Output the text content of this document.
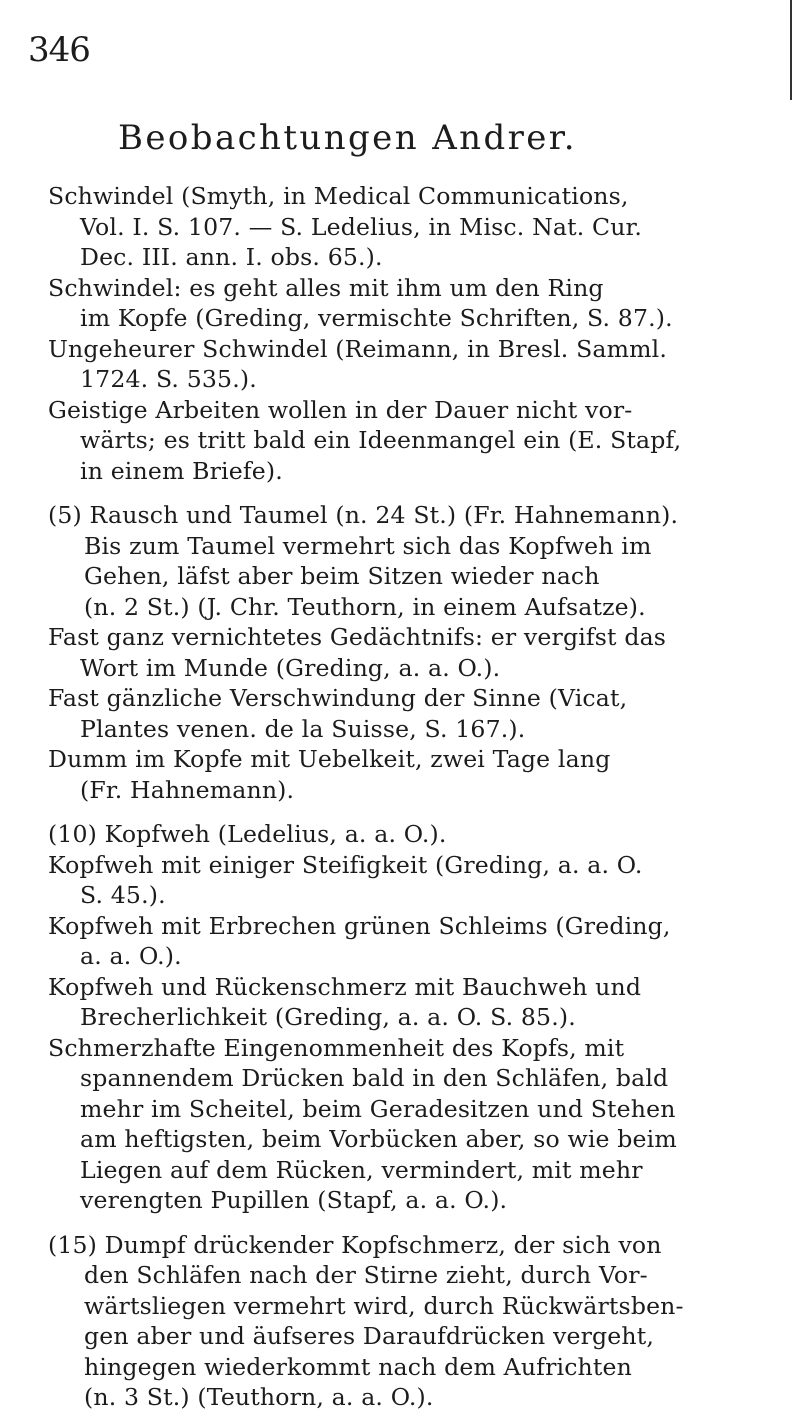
346
Beobachtungen Andrer.

Schwindel (Smyth, in Medical Communications,
Vol. I. S. 107. — S. Ledelius, in Misc. Nat. Cur.
Dec. III. ann. I. obs. 65.).

Schwindel: es geht alles mit ihm um den Ring
im Kopfe (Greding, vermischte Schriften, S. 87.).

Ungeheurer Schwindel (Reimann, in Bresl. Samml.
1724. S. 535.).

Geistige Arbeiten wollen in der Dauer nicht vor-
wärts; es tritt bald ein Ideenmangel ein (E. Stapf,
in einem Briefe).

(5) Rausch und Taumel (n. 24 St.) (Fr. Hahnemann).
Bis zum Taumel vermehrt sich das Kopfweh im
Gehen, läfst aber beim Sitzen wieder nach
(n. 2 St.) (J. Chr. Teuthorn, in einem Aufsatze).

Fast ganz vernichtetes Gedächtnifs: er vergifst das
Wort im Munde (Greding, a. a. O.).

Fast gänzliche Verschwindung der Sinne (Vicat,
Plantes venen. de la Suisse, S. 167.).

Dumm im Kopfe mit Uebelkeit, zwei Tage lang
(Fr. Hahnemann).

(10) Kopfweh (Ledelius, a. a. O.).

Kopfweh mit einiger Steifigkeit (Greding, a. a. O.
S. 45.).

Kopfweh mit Erbrechen grünen Schleims (Greding,
a. a. O.).

Kopfweh und Rückenschmerz mit Bauchweh und
Brecherlichkeit (Greding, a. a. O. S. 85.).

Schmerzhafte Eingenommenheit des Kopfs, mit
spannendem Drücken bald in den Schläfen, bald
mehr im Scheitel, beim Geradesitzen und Stehen
am heftigsten, beim Vorbücken aber, so wie beim
Liegen auf dem Rücken, vermindert, mit mehr
verengten Pupillen (Stapf, a. a. O.).

(15) Dumpf drückender Kopfschmerz, der sich von
den Schläfen nach der Stirne zieht, durch Vor-
wärtsliegen vermehrt wird, durch Rückwärtsben-
gen aber und äufseres Daraufdrücken vergeht,
hingegen wiederkommt nach dem Aufrichten
(n. 3 St.) (Teuthorn, a. a. O.).
